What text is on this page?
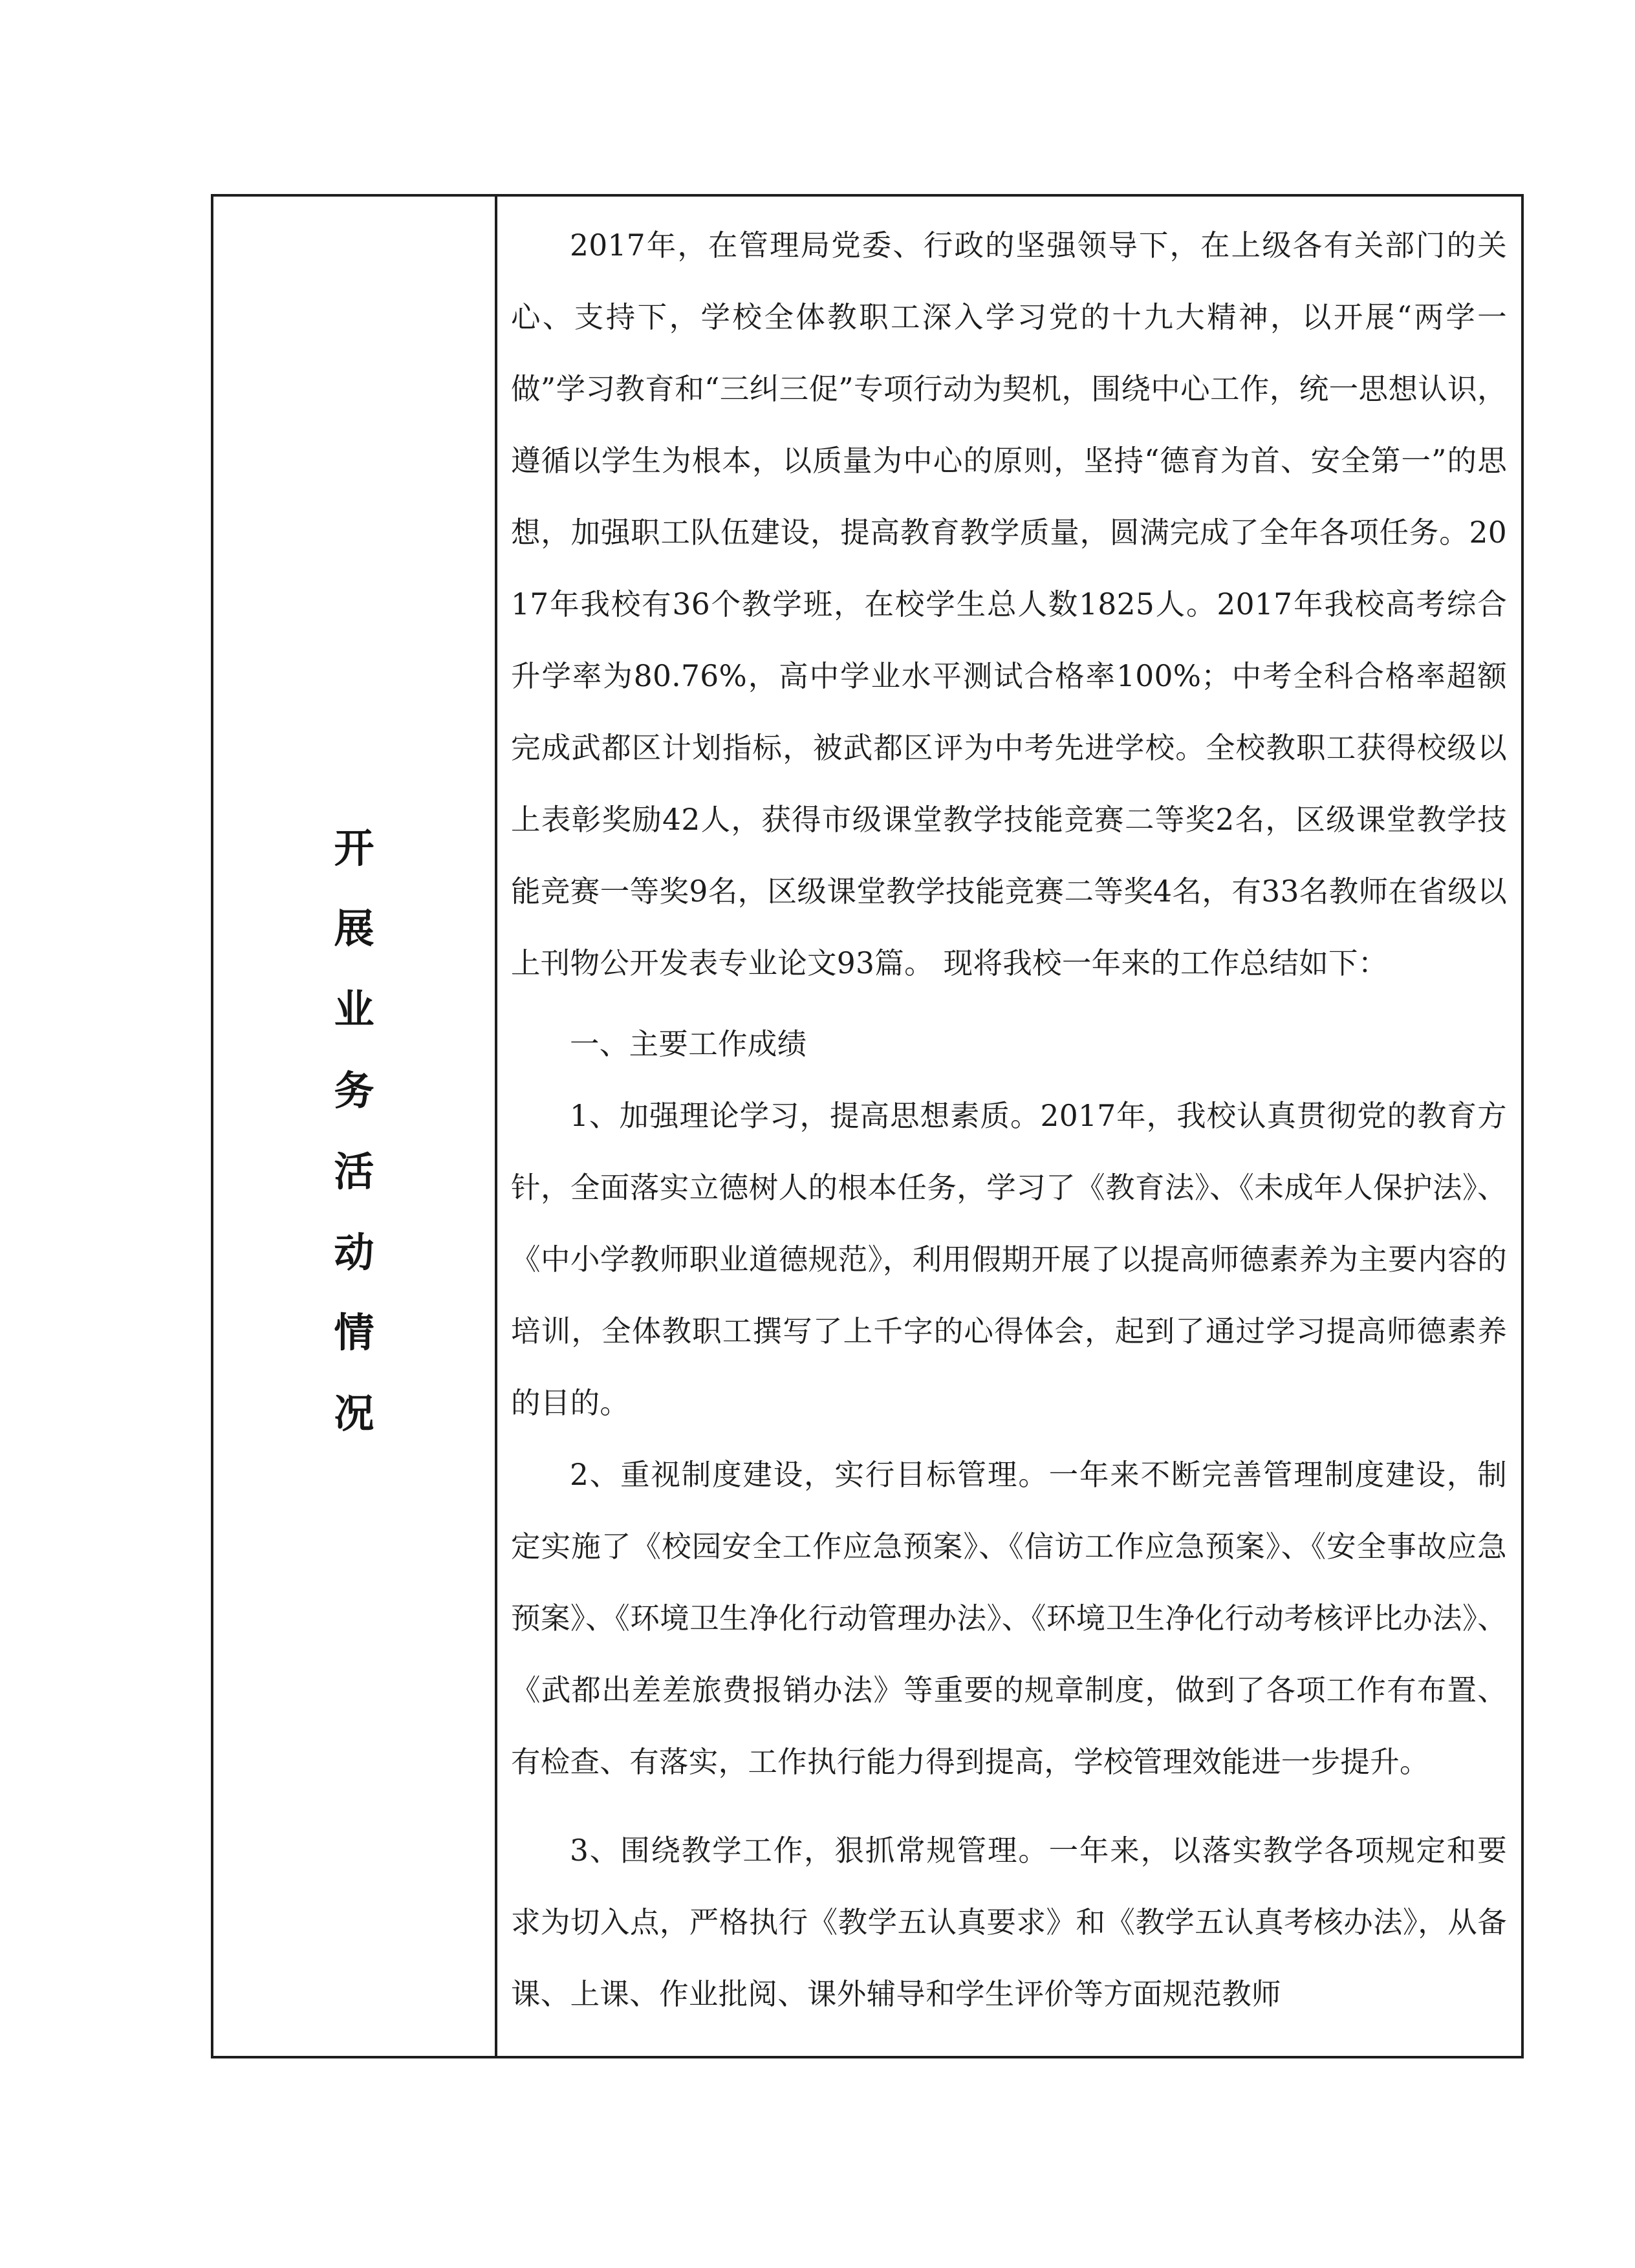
开
展
业
务
活
动
情
况

2017年，在管理局党委、行政的坚强领导下，在上级各有关部门的关心、支持下，学校全体教职工深入学习党的十九大精神，以开展“两学一做”学习教育和“三纠三促”专项行动为契机，围绕中心工作，统一思想认识，遵循以学生为根本，以质量为中心的原则，坚持“德育为首、安全第一”的思想，加强职工队伍建设，提高教育教学质量，圆满完成了全年各项任务。2017年我校有36个教学班，在校学生总人数1825人。2017年我校高考综合升学率为80.76%，高中学业水平测试合格率100%；中考全科合格率超额完成武都区计划指标，被武都区评为中考先进学校。全校教职工获得校级以上表彰奖励42人，获得市级课堂教学技能竞赛二等奖2名，区级课堂教学技能竞赛一等奖9名，区级课堂教学技能竞赛二等奖4名，有33名教师在省级以上刊物公开发表专业论文93篇。 现将我校一年来的工作总结如下：

一、主要工作成绩

1、加强理论学习，提高思想素质。2017年，我校认真贯彻党的教育方针，全面落实立德树人的根本任务，学习了《教育法》、《未成年人保护法》、《中小学教师职业道德规范》，利用假期开展了以提高师德素养为主要内容的培训，全体教职工撰写了上千字的心得体会，起到了通过学习提高师德素养的目的。

2、重视制度建设，实行目标管理。一年来不断完善管理制度建设，制定实施了《校园安全工作应急预案》、《信访工作应急预案》、《安全事故应急预案》、《环境卫生净化行动管理办法》、《环境卫生净化行动考核评比办法》、《武都出差差旅费报销办法》等重要的规章制度，做到了各项工作有布置、有检查、有落实，工作执行能力得到提高，学校管理效能进一步提升。

3、围绕教学工作，狠抓常规管理。一年来，以落实教学各项规定和要求为切入点，严格执行《教学五认真要求》和《教学五认真考核办法》，从备课、上课、作业批阅、课外辅导和学生评价等方面规范教师
